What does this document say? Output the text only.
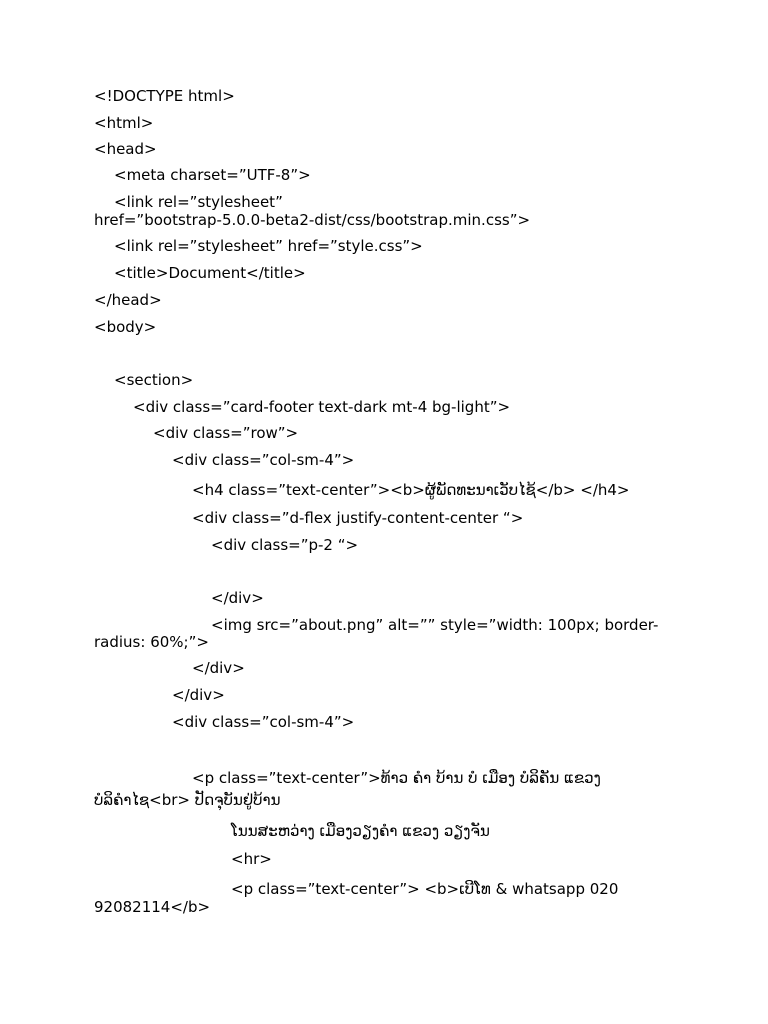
<!DOCTYPE html>
<html>
<head>
<meta charset=”UTF-8”>
<link rel=”stylesheet”
href=”bootstrap-5.0.0-beta2-dist/css/bootstrap.min.css”>
<link rel=”stylesheet” href=”style.css”>
<title>Document</title>
</head>
<body>
<section>
<div class=”card-footer text-dark mt-4 bg-light”>
<div class=”row”>
<div class=”col-sm-4”>
<h4 class=”text-center”><b>ຜູ້ພັດທະນາເວັບໄຊ້</b> </h4>
<div class=”d-flex justify-content-center “>
<div class=”p-2 “>
</div>
<img src=”about.png” alt=”” style=”width: 100px; border-
radius: 60%;”>
</div>
</div>
<div class=”col-sm-4”>
<p class=”text-center”>ທ້າວ ຄຳ ບ້ານ ບໍ ເມືອງ ບໍລິຄັນ ແຂວງ
ບໍລິຄຳໄຊ<br> ປັດຈຸບັນຢູ່ບ້ານ
ໂນນສະຫວ່າງ ເມືອງວຽງຄຳ ແຂວງ ວຽງຈັນ
<hr>
<p class=”text-center”> <b>ເບີໂທ & whatsapp 020
92082114</b>
